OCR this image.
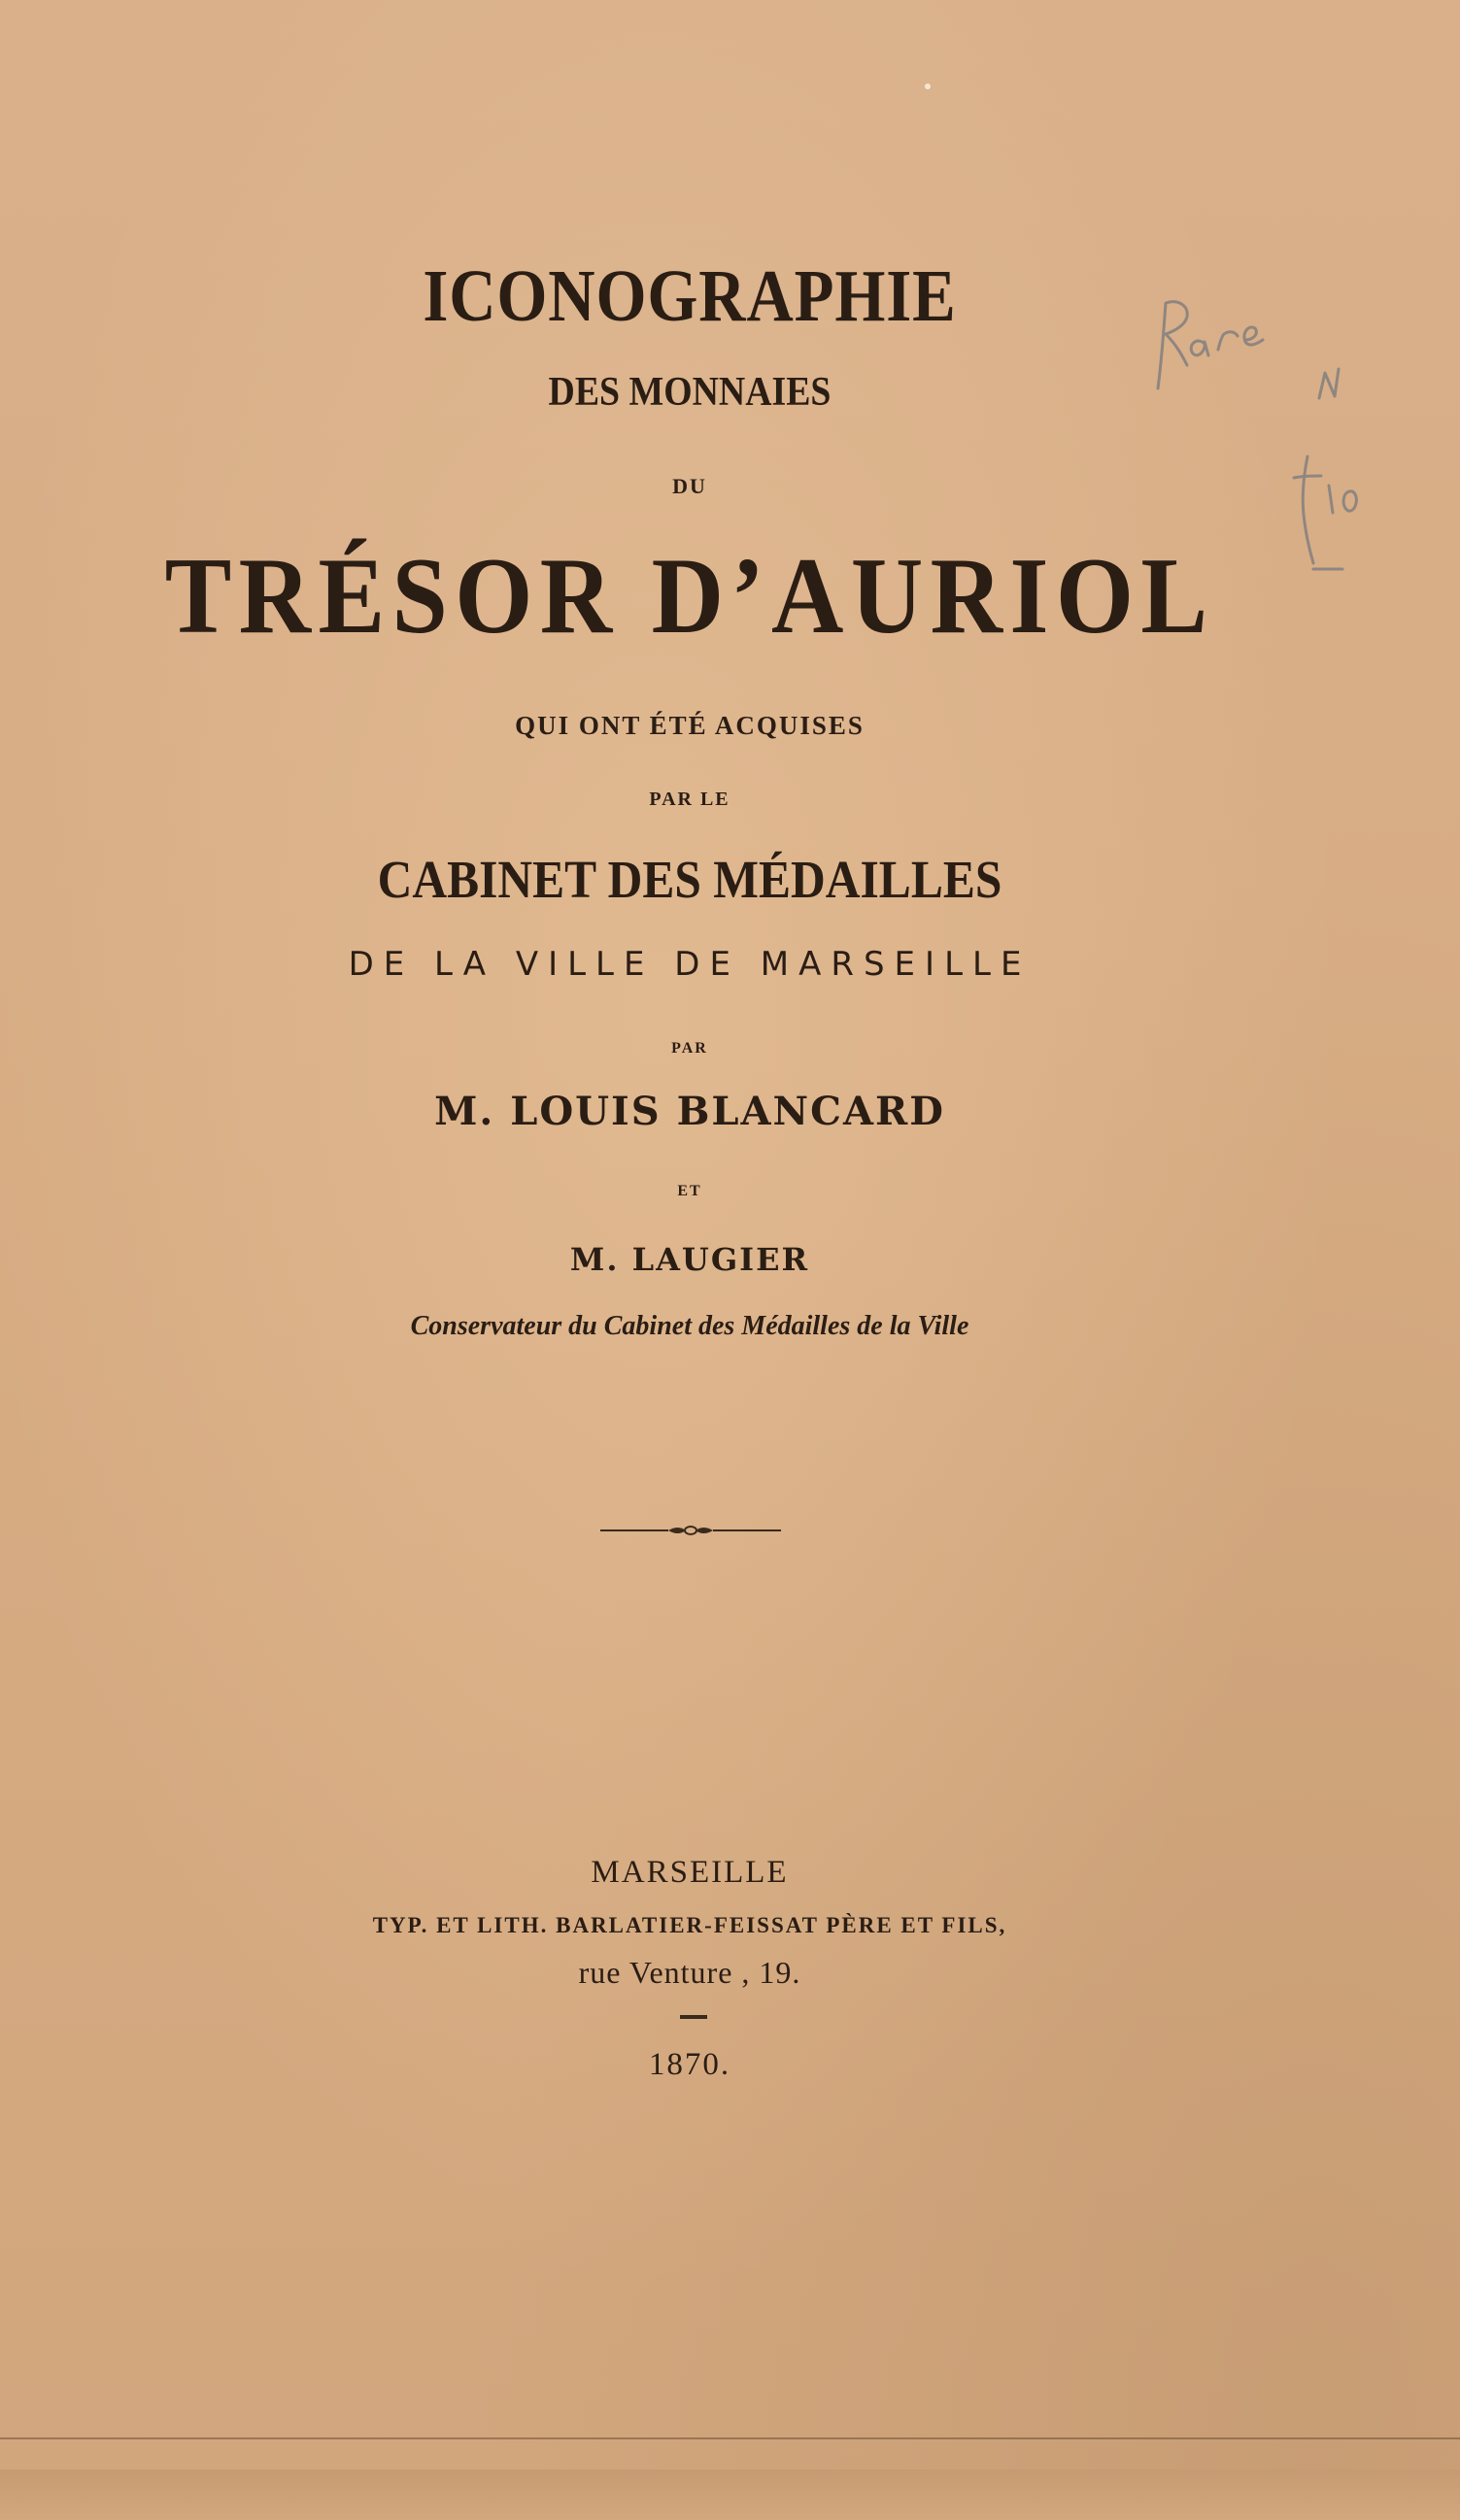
ICONOGRAPHIE
DES MONNAIES
DU
TRÉSOR D’AURIOL
QUI ONT ÉTÉ ACQUISES
PAR LE
CABINET DES MÉDAILLES
DE LA VILLE DE MARSEILLE
PAR
M. LOUIS BLANCARD
ET
M. LAUGIER
Conservateur du Cabinet des Médailles de la Ville
MARSEILLE
TYP. ET LITH. BARLATIER-FEISSAT PÈRE ET FILS,
rue Venture , 19.
1870.
